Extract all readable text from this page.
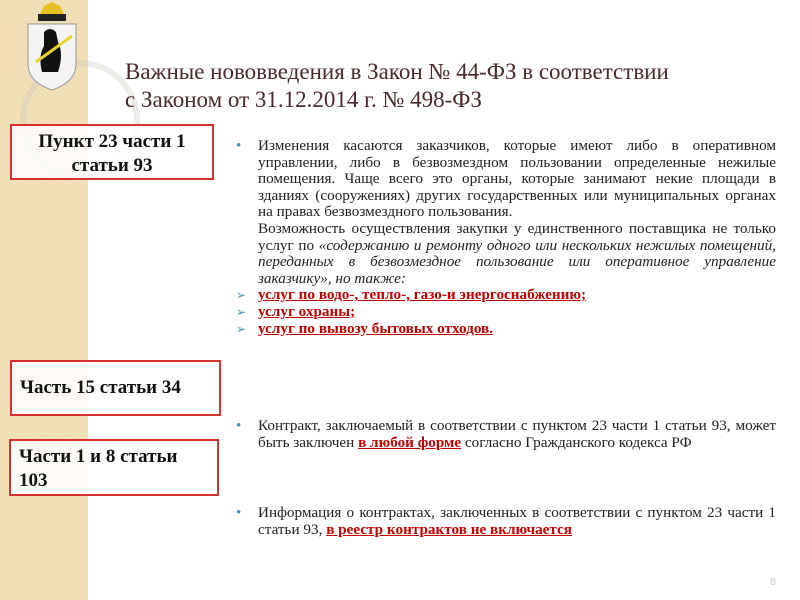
Важные нововведения в Закон № 44-ФЗ в соответствии
с Законом от 31.12.2014 г. № 498-ФЗ
Пункт 23 части 1 статьи 93
Часть 15 статьи 34
Части 1 и 8 статьи 103

• Изменения касаются заказчиков, которые имеют либо в оперативном управлении, либо в безвозмездном пользовании определенные нежилые помещения. Чаще всего это органы, которые занимают некие площади в зданиях (сооружениях) других государственных или муниципальных органах на правах безвозмездного пользования.

Возможность осуществления закупки у единственного поставщика не только услуг по «содержанию и ремонту одного или нескольких нежилых помещений, переданных в безвозмездное пользование или оперативное управление заказчику», но также:

➢ услуг по водо-, тепло-, газо-и энергоснабжению;

➢ услуг охраны;

➢ услуг по вывозу бытовых отходов.

• Контракт, заключаемый в соответствии с пунктом 23 части 1 статьи 93, может быть заключен в любой форме согласно Гражданского кодекса РФ

• Информация о контрактах, заключенных в соответствии с пунктом 23 части 1 статьи 93, в реестр контрактов не включается

8
